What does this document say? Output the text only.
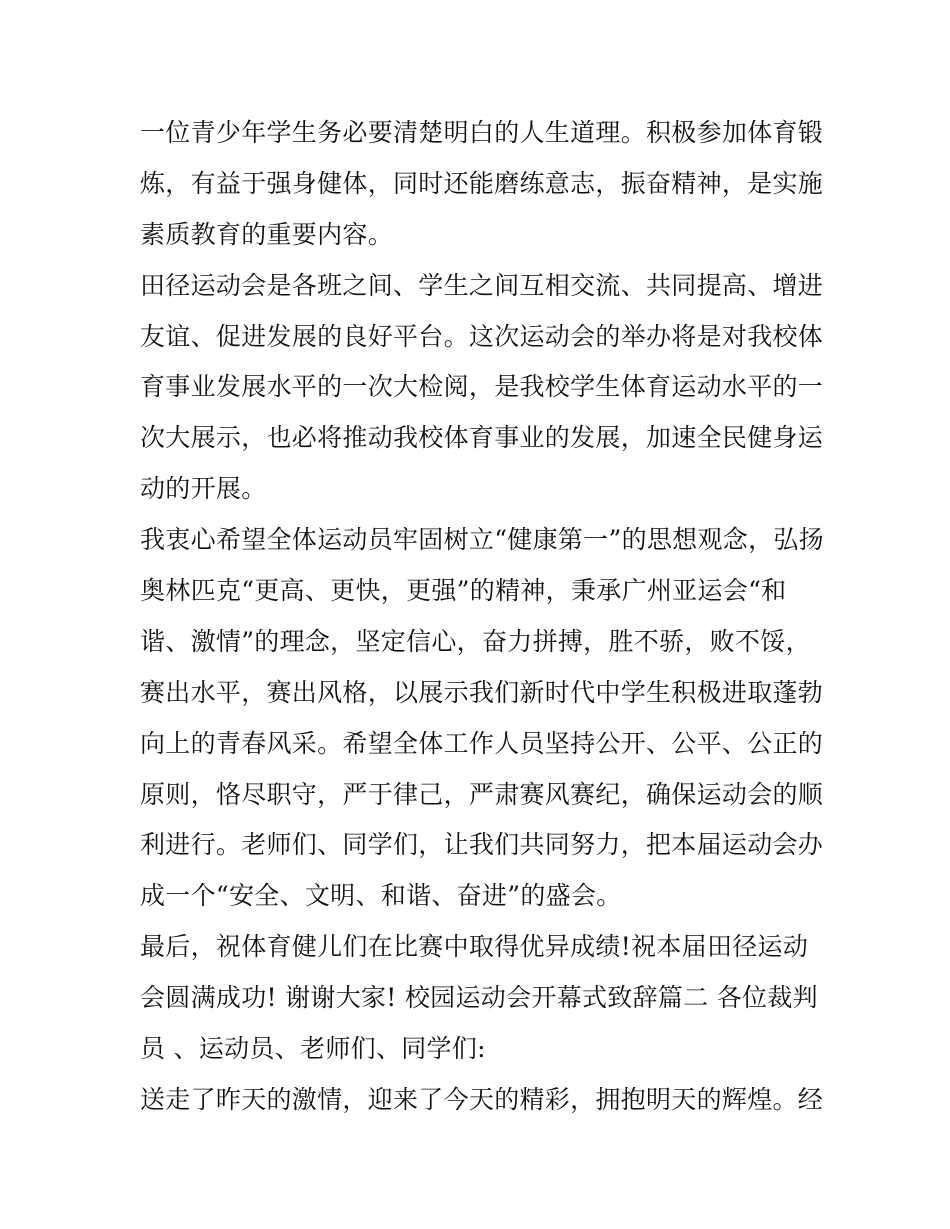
一位青少年学生务必要清楚明白的人生道理。积极参加体育锻
炼，有益于强身健体，同时还能磨练意志，振奋精神，是实施
素质教育的重要内容。
田径运动会是各班之间、学生之间互相交流、共同提高、增进
友谊、促进发展的良好平台。这次运动会的举办将是对我校体
育事业发展水平的一次大检阅，是我校学生体育运动水平的一
次大展示，也必将推动我校体育事业的发展，加速全民健身运
动的开展。
我衷心希望全体运动员牢固树立“健康第一”的思想观念，弘扬
奥林匹克“更高、更快，更强”的精神，秉承广州亚运会“和
谐、激情”的理念，坚定信心，奋力拼搏，胜不骄，败不馁，
赛出水平，赛出风格，以展示我们新时代中学生积极进取蓬勃
向上的青春风采。希望全体工作人员坚持公开、公平、公正的
原则，恪尽职守，严于律己，严肃赛风赛纪，确保运动会的顺
利进行。老师们、同学们，让我们共同努力，把本届运动会办
成一个“安全、文明、和谐、奋进”的盛会。
最后，祝体育健儿们在比赛中取得优异成绩!祝本届田径运动
会圆满成功! 谢谢大家! 校园运动会开幕式致辞篇二 各位裁判
员 、运动员、老师们、同学们:
送走了昨天的激情，迎来了今天的精彩，拥抱明天的辉煌。经
